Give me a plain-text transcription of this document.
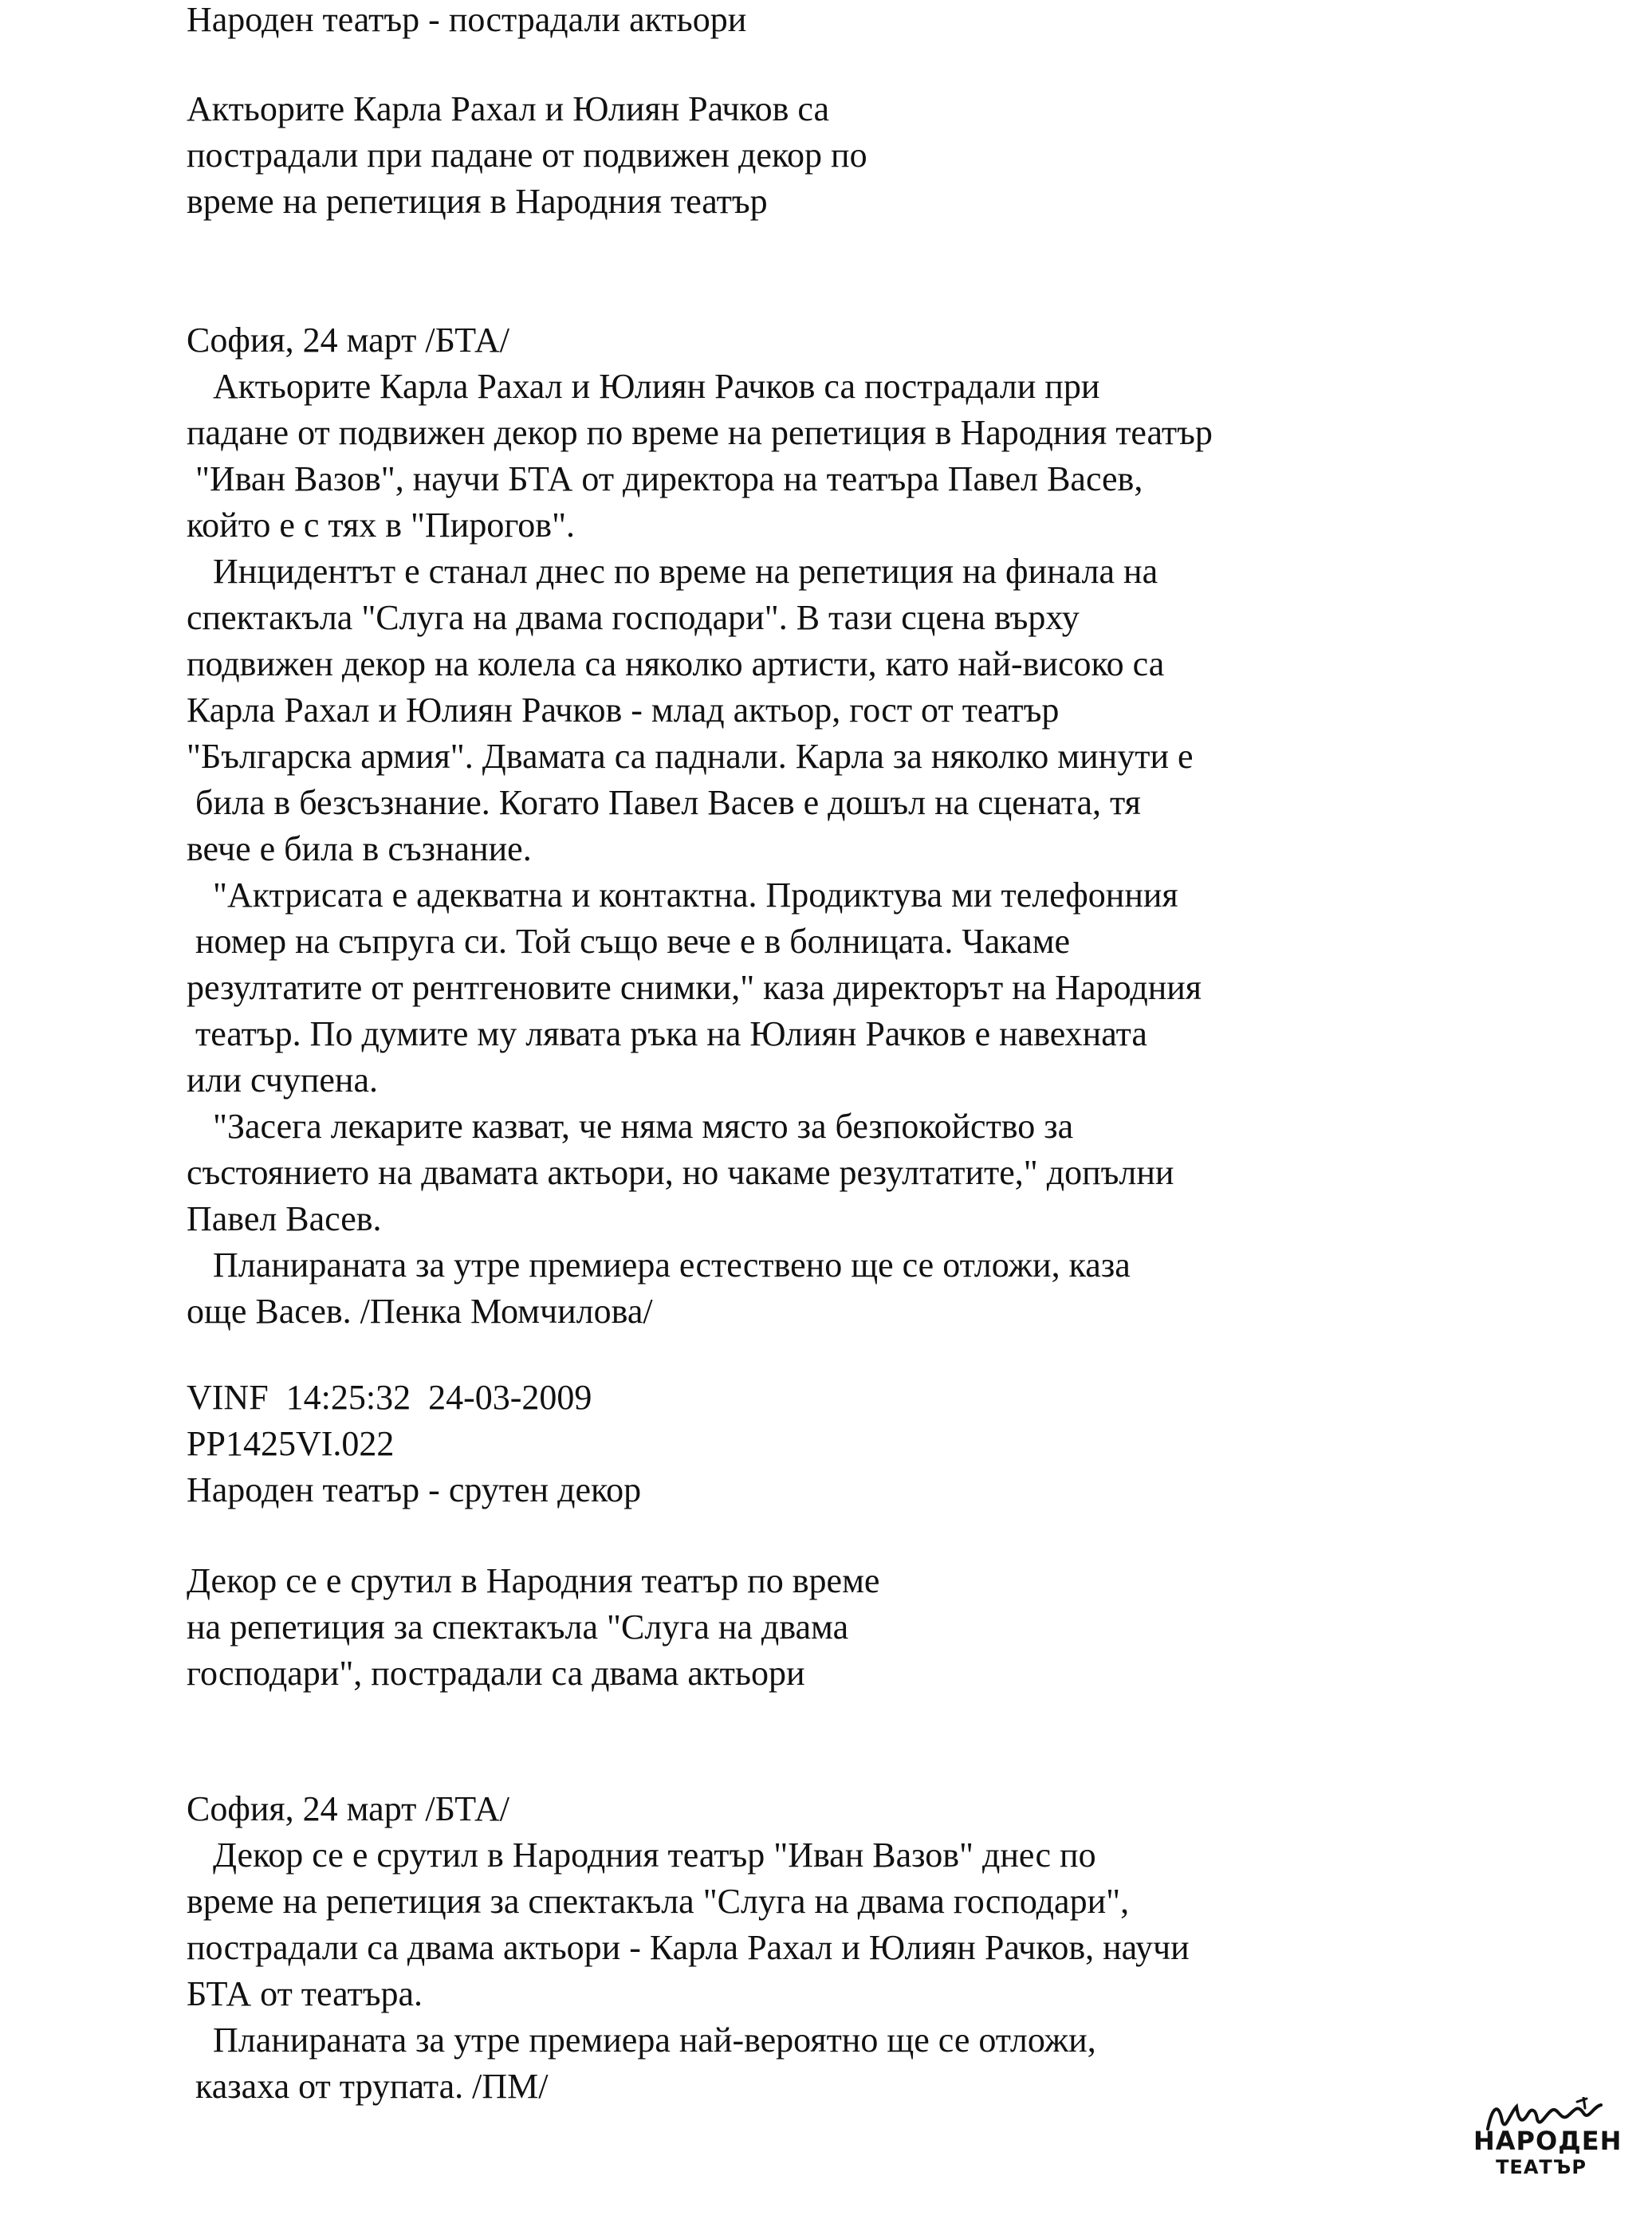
Народен театър - пострадали актьори
Актьорите Карла Рахал и Юлиян Рачков са
пострадали при падане от подвижен декор по
време на репетиция в Народния театър
София, 24 март /БТА/
Актьорите Карла Рахал и Юлиян Рачков са пострадали при
падане от подвижен декор по време на репетиция в Народния театър
"Иван Вазов", научи БТА от директора на театъра Павел Васев,
който е с тях в "Пирогов".
Инцидентът е станал днес по време на репетиция на финала на
спектакъла "Слуга на двама господари". В тази сцена върху
подвижен декор на колела са няколко артисти, като най-високо са
Карла Рахал и Юлиян Рачков - млад актьор, гост от театър
"Българска армия". Двамата са паднали. Карла за няколко минути е
била в безсъзнание. Когато Павел Васев е дошъл на сцената, тя
вече е била в съзнание.
"Актрисата е адекватна и контактна. Продиктува ми телефонния
номер на съпруга си. Той също вече е в болницата. Чакаме
резултатите от рентгеновите снимки," каза директорът на Народния
театър. По думите му лявата ръка на Юлиян Рачков е навехната
или счупена.
"Засега лекарите казват, че няма място за безпокойство за
състоянието на двамата актьори, но чакаме резултатите," допълни
Павел Васев.
Планираната за утре премиера естествено ще се отложи, каза
още Васев. /Пенка Момчилова/
VINF  14:25:32  24-03-2009
PP1425VI.022
Народен театър - срутен декор
Декор се е срутил в Народния театър по време
на репетиция за спектакъла "Слуга на двама
господари", пострадали са двама актьори
София, 24 март /БТА/
Декор се е срутил в Народния театър "Иван Вазов" днес по
време на репетиция за спектакъла "Слуга на двама господари",
пострадали са двама актьори - Карла Рахал и Юлиян Рачков, научи
БТА от театъра.
Планираната за утре премиера най-вероятно ще се отложи,
казаха от трупата. /ПМ/
НАРОДЕН
ТЕАТЪР
